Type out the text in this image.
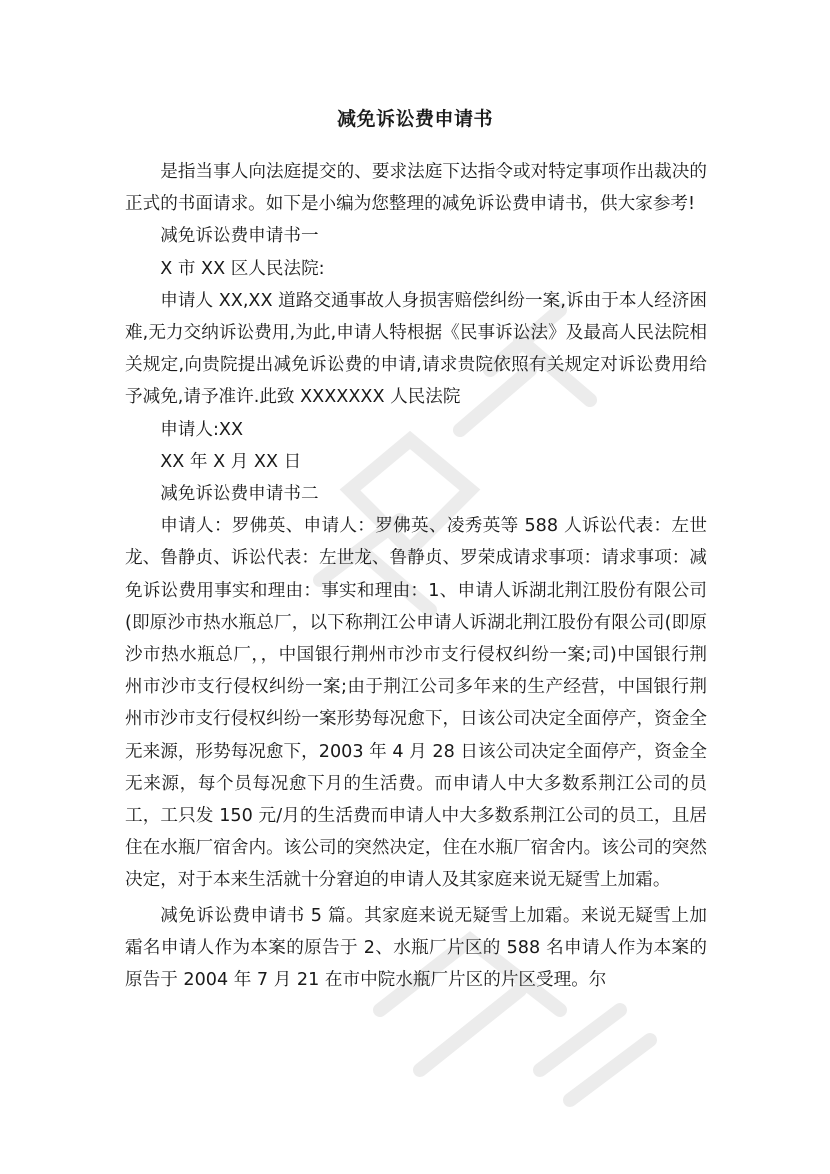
减免诉讼费申请书

是指当事人向法庭提交的、要求法庭下达指令或对特定事项作出裁决的正式的书面请求。如下是小编为您整理的减免诉讼费申请书，供大家参考!

减免诉讼费申请书一

X 市 XX 区人民法院:

申请人 XX,XX 道路交通事故人身损害赔偿纠纷一案,诉由于本人经济困难,无力交纳诉讼费用,为此,申请人特根据《民事诉讼法》及最高人民法院相关规定,向贵院提出减免诉讼费的申请,请求贵院依照有关规定对诉讼费用给予减免,请予准许.此致 XXXXXXX 人民法院

申请人:XX

XX 年 X 月 XX 日

减免诉讼费申请书二

申请人：罗佛英、申请人：罗佛英、凌秀英等 588 人诉讼代表：左世龙、鲁静贞、诉讼代表：左世龙、鲁静贞、罗荣成请求事项：请求事项：减免诉讼费用事实和理由：事实和理由：1、申请人诉湖北荆江股份有限公司(即原沙市热水瓶总厂，以下称荆江公申请人诉湖北荆江股份有限公司(即原沙市热水瓶总厂，，中国银行荆州市沙市支行侵权纠纷一案;司)中国银行荆州市沙市支行侵权纠纷一案;由于荆江公司多年来的生产经营，中国银行荆州市沙市支行侵权纠纷一案形势每况愈下，日该公司决定全面停产，资金全无来源，形势每况愈下，2003 年 4 月 28 日该公司决定全面停产，资金全无来源，每个员每况愈下月的生活费。而申请人中大多数系荆江公司的员工，工只发 150 元/月的生活费而申请人中大多数系荆江公司的员工，且居住在水瓶厂宿舍内。该公司的突然决定，住在水瓶厂宿舍内。该公司的突然决定，对于本来生活就十分窘迫的申请人及其家庭来说无疑雪上加霜。

减免诉讼费申请书 5 篇。其家庭来说无疑雪上加霜。来说无疑雪上加霜名申请人作为本案的原告于 2、水瓶厂片区的 588 名申请人作为本案的原告于 2004 年 7 月 21 在市中院水瓶厂片区的片区受理。尔
